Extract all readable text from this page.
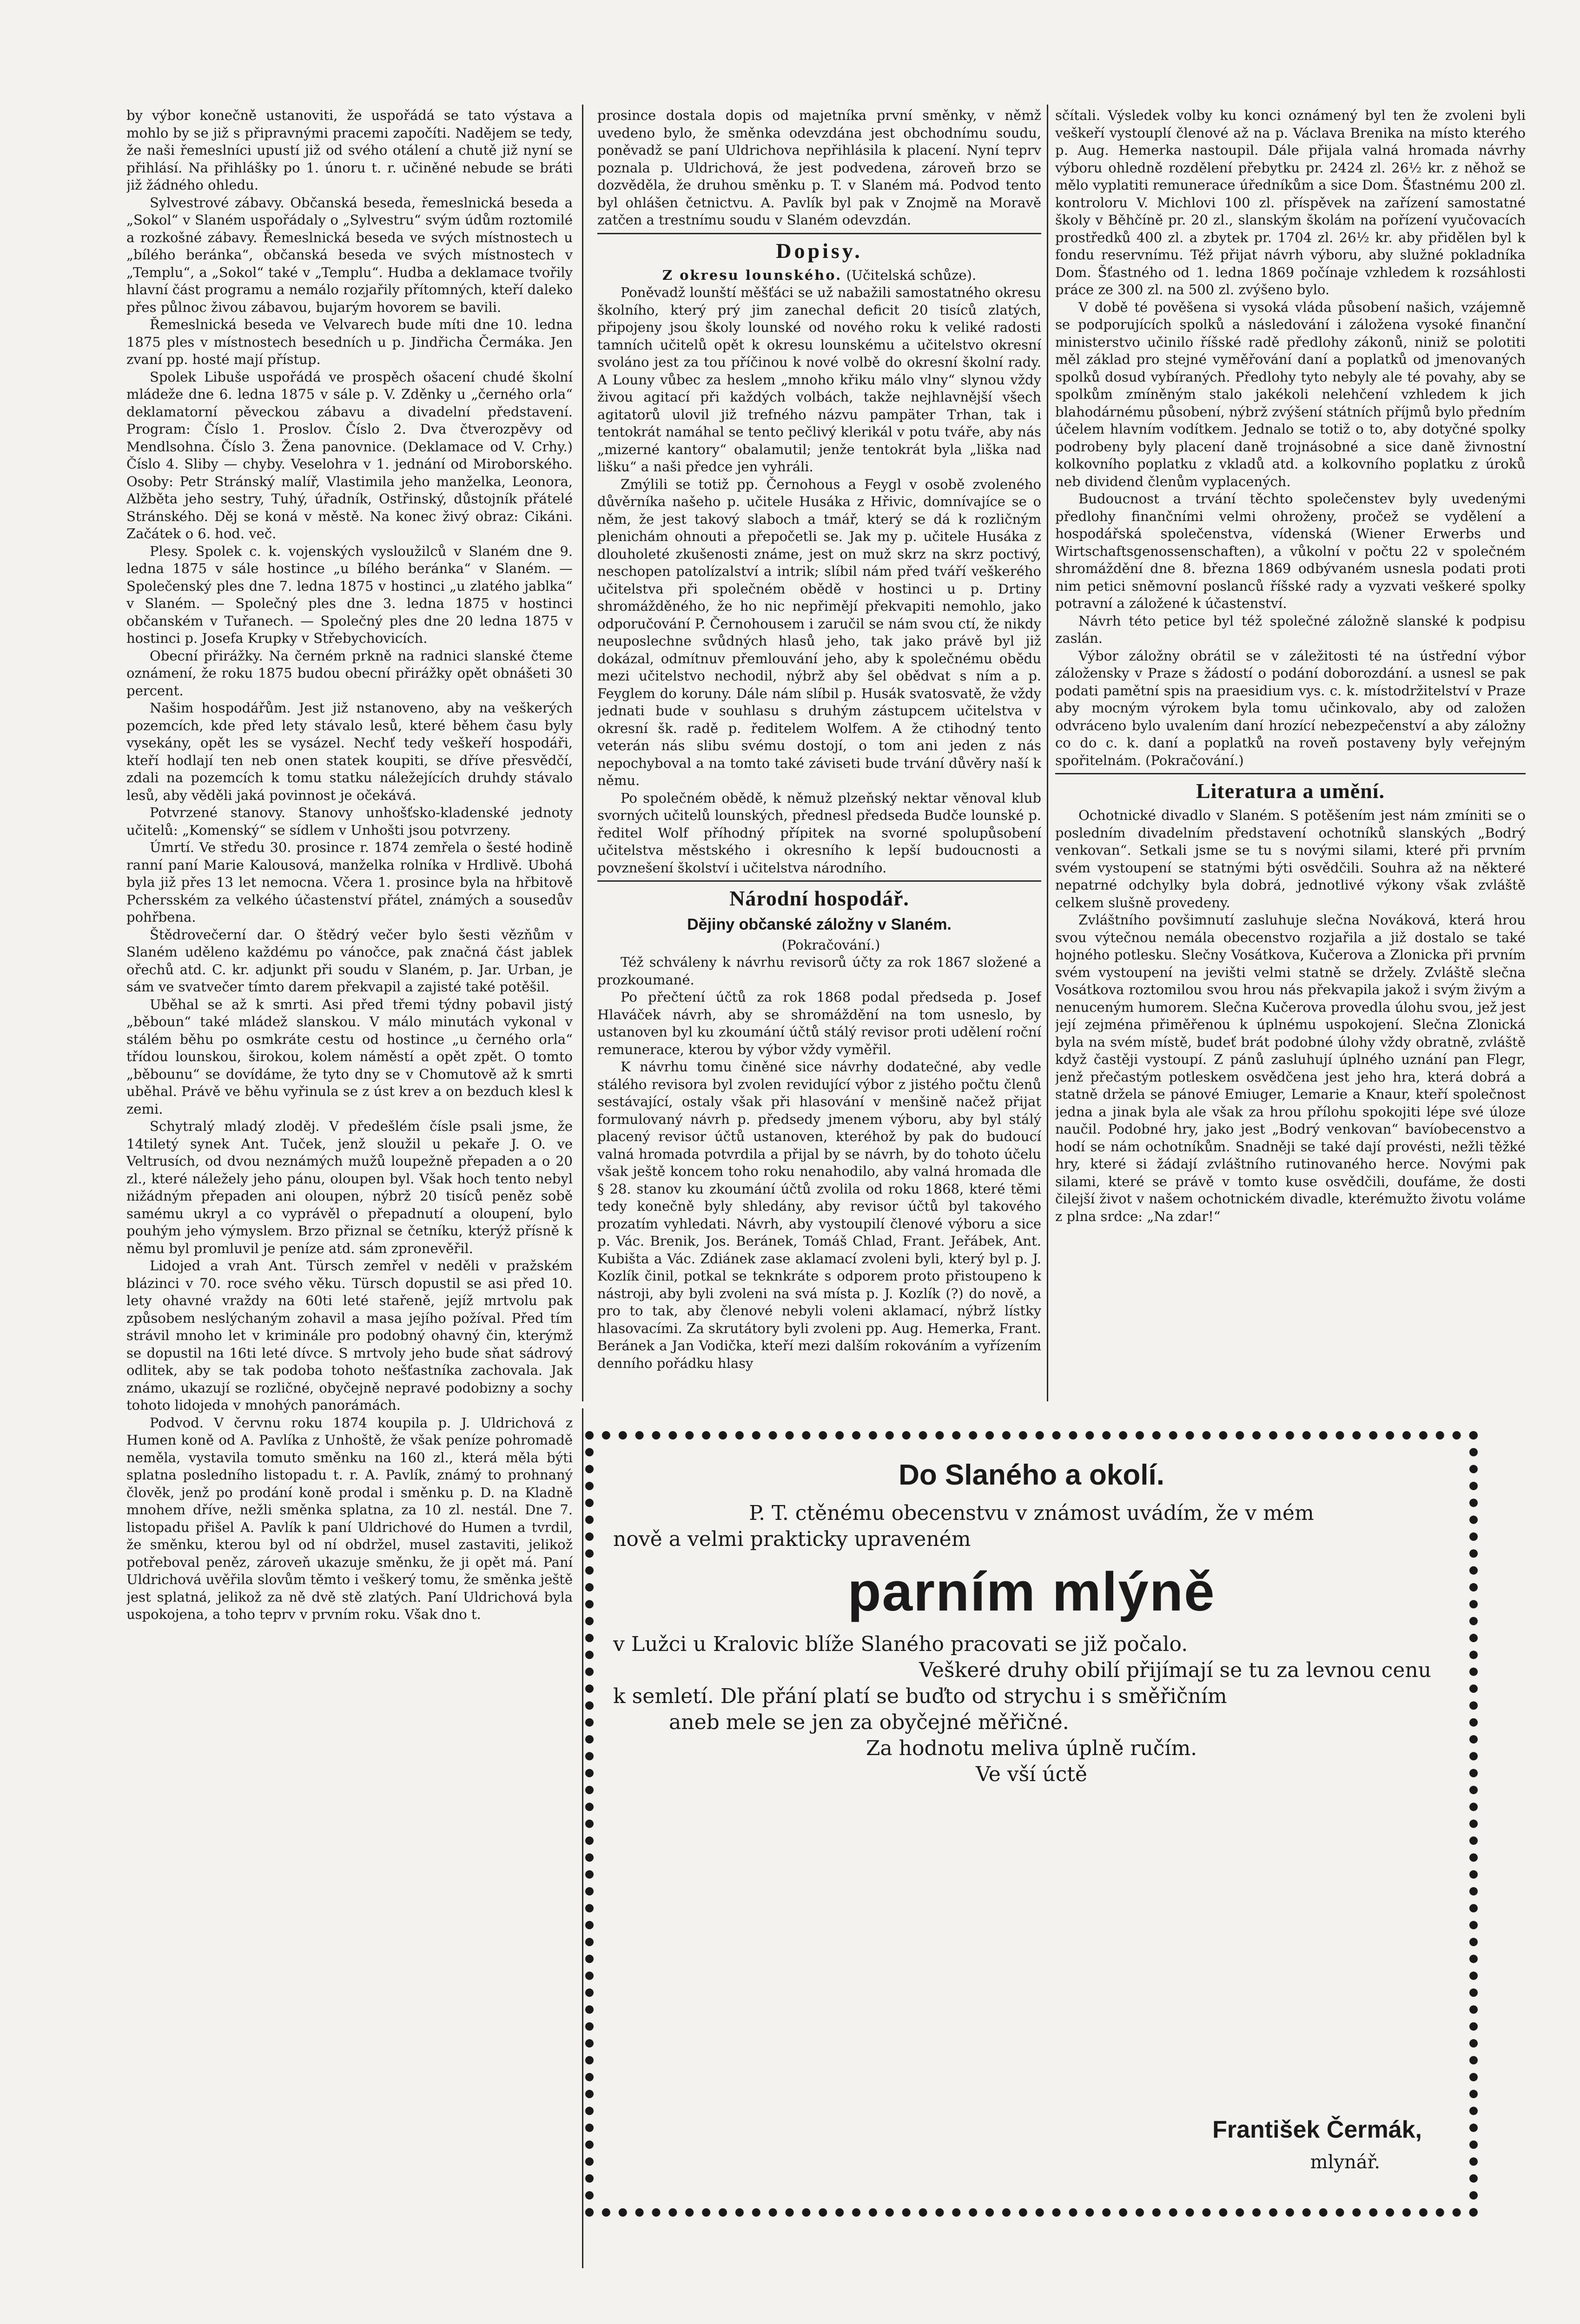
by výbor konečně ustanoviti, že uspořádá se tato výstava a mohlo by se již s připravnými pracemi započíti. Nadějem se tedy, že naši řemeslníci upustí již od svého otálení a chutě již nyní se přihlásí. Na přihlášky po 1. únoru t. r. učiněné nebude se bráti již žádného ohledu.

Sylvestrové zábavy. Občanská beseda, řemeslnická beseda a „Sokol“ v Slaném uspořádaly o „Sylvestru“ svým údům roztomilé a rozkošné zábavy. Řemeslnická beseda ve svých místnostech u „bílého beránka“, občanská beseda ve svých místnostech v „Templu“, a „Sokol“ také v „Templu“. Hudba a deklamace tvořily hlavní část programu a nemálo rozjařily přítomných, kteří daleko přes půlnoc živou zábavou, bujarým hovorem se bavili.

Řemeslnická beseda ve Velvarech bude míti dne 10. ledna 1875 ples v místnostech besedních u p. Jindřicha Čermáka. Jen zvaní pp. hosté mají přístup.

Spolek Libuše uspořádá ve prospěch ošacení chudé školní mládeže dne 6. ledna 1875 v sále p. V. Zděnky u „černého orla“ deklamatorní pěveckou zábavu a divadelní představení. Program: Číslo 1. Proslov. Číslo 2. Dva čtverozpěvy od Mendlsohna. Číslo 3. Žena panovnice. (Deklamace od V. Crhy.) Číslo 4. Sliby — chyby. Veselohra v 1. jednání od Miroborského. Osoby: Petr Stránský malíř, Vlastimila jeho manželka, Leonora, Alžběta jeho sestry, Tuhý, úřadník, Ostřinský, důstojník přátelé Stránského. Děj se koná v městě. Na konec živý obraz: Cikáni. Začátek o 6. hod. več.

Plesy. Spolek c. k. vojenských vysloužilců v Slaném dne 9. ledna 1875 v sále hostince „u bílého beránka“ v Slaném. — Společenský ples dne 7. ledna 1875 v hostinci „u zlatého jablka“ v Slaném. — Společný ples dne 3. ledna 1875 v hostinci občanském v Tuřanech. — Společný ples dne 20 ledna 1875 v hostinci p. Josefa Krupky v Střebychovicích.

Obecní přirážky. Na černém prkně na radnici slanské čteme oznámení, že roku 1875 budou obecní přirážky opět obnášeti 30 percent.

Našim hospodářům. Jest již nstanoveno, aby na veškerých pozemcích, kde před lety stávalo lesů, které během času byly vysekány, opět les se vysázel. Nechť tedy veškeří hospodáři, kteří hodlají ten neb onen statek koupiti, se dříve přesvědčí, zdali na pozemcích k tomu statku náležejících druhdy stávalo lesů, aby věděli jaká povinnost je očekává.

Potvrzené stanovy. Stanovy unhošťsko-kladenské jednoty učitelů: „Komenský“ se sídlem v Unhošti jsou potvrzeny.

Úmrtí. Ve středu 30. prosince r. 1874 zemřela o šesté hodině ranní paní Marie Kalousová, manželka rolníka v Hrdlivě. Ubohá byla již přes 13 let nemocna. Včera 1. prosince byla na hřbitově Pchersském za velkého účastenství přátel, známých a sousedův pohřbena.

Štědrovečerní dar. O štědrý večer bylo šesti vězňům v Slaném uděleno každému po vánočce, pak značná část jablek ořechů atd. C. kr. adjunkt při soudu v Slaném, p. Jar. Urban, je sám ve svatvečer tímto darem překvapil a zajisté také potěšil.

Uběhal se až k smrti. Asi před třemi týdny pobavil jistý „běboun“ také mládež slanskou. V málo minutách vykonal v stálém běhu po osmkráte cestu od hostince „u černého orla“ třídou lounskou, širokou, kolem náměstí a opět zpět. O tomto „běbounu“ se dovídáme, že tyto dny se v Chomutově až k smrti uběhal. Právě ve běhu vyřinula se z úst krev a on bezduch klesl k zemi.

Schytralý mladý zloděj. V předešlém čísle psali jsme, že 14tiletý synek Ant. Tuček, jenž sloužil u pekaře J. O. ve Veltrusích, od dvou neznámých mužů loupežně přepaden a o 20 zl., které náležely jeho pánu, oloupen byl. Však hoch tento nebyl nižádným přepaden ani oloupen, nýbrž 20 tisíců peněz sobě samému ukryl a co vyprávěl o přepadnutí a oloupení, bylo pouhým jeho výmyslem. Brzo přiznal se četníku, kterýž přísně k němu byl promluvil je peníze atd. sám zpronevěřil.

Lidojed a vrah Ant. Türsch zemřel v neděli v pražském blázinci v 70. roce svého věku. Türsch dopustil se asi před 10. lety ohavné vraždy na 60ti leté stařeně, jejíž mrtvolu pak způsobem neslýchaným zohavil a masa jejího požíval. Před tím strávil mnoho let v kriminále pro podobný ohavný čin, kterýmž se dopustil na 16ti leté dívce. S mrtvoly jeho bude sňat sádrový odlitek, aby se tak podoba tohoto nešťastníka zachovala. Jak známo, ukazují se rozličné, obyčejně nepravé podobizny a sochy tohoto lidojeda v mnohých panorámách.

Podvod. V červnu roku 1874 koupila p. J. Uldrichová z Humen koně od A. Pavlíka z Unhoště, že však peníze pohromadě neměla, vystavila tomuto směnku na 160 zl., která měla býti splatna posledního listopadu t. r. A. Pavlík, známý to prohnaný člověk, jenž po prodání koně prodal i směnku p. D. na Kladně mnohem dříve, nežli směnka splatna, za 10 zl. nestál. Dne 7. listopadu přišel A. Pavlík k paní Uldrichové do Humen a tvrdil, že směnku, kterou byl od ní obdržel, musel zastaviti, jelikož potřeboval peněz, zároveň ukazuje směnku, že ji opět má. Paní Uldrichová uvěřila slovům těmto i veškerý tomu, že směnka ještě jest splatná, jelikož za ně dvě stě zlatých. Paní Uldrichová byla uspokojena, a toho teprv v prvním roku. Však dno t.

prosince dostala dopis od majetníka první směnky, v němž uvedeno bylo, že směnka odevzdána jest obchodnímu soudu, poněvadž se paní Uldrichova nepřihlásila k placení. Nyní teprv poznala p. Uldrichová, že jest podvedena, zároveň brzo se dozvěděla, že druhou směnku p. T. v Slaném má. Podvod tento byl ohlášen četnictvu. A. Pavlík byl pak v Znojmě na Moravě zatčen a trestnímu soudu v Slaném odevzdán.

Dopisy.

Z okresu lounského. (Učitelská schůze).

Poněvadž lounští měšťáci se už nabažili samostatného okresu školního, který prý jim zanechal deficit 20 tisíců zlatých, připojeny jsou školy lounské od nového roku k veliké radosti tamních učitelů opět k okresu lounskému a učitelstvo okresní svoláno jest za tou příčinou k nové volbě do okresní školní rady. A Louny vůbec za heslem „mnoho křiku málo vlny“ slynou vždy živou agitací při každých volbách, takže nejhlavnější všech agitatorů ulovil již trefného názvu pampäter Trhan, tak i tentokrát namáhal se tento pečlivý klerikál v potu tváře, aby nás „mizerné kantory“ obalamutil; jenže tentokrát byla „liška nad lišku“ a naši předce jen vyhráli.

Zmýlili se totiž pp. Černohous a Feygl v osobě zvoleného důvěrníka našeho p. učitele Husáka z Hřivic, domnívajíce se o něm, že jest takový slaboch a tmář, který se dá k rozličným plenichám ohnouti a přepočetli se. Jak my p. učitele Husáka z dlouholeté zkušenosti známe, jest on muž skrz na skrz poctivý, neschopen patolízalství a intrik; slíbil nám před tváří veškerého učitelstva při společném obědě v hostinci u p. Drtiny shromážděného, že ho nic nepřimějí překvapiti nemohlo, jako odporučování P. Černohousem i zaručil se nám svou ctí, že nikdy neuposlechne svůdných hlasů jeho, tak jako právě byl již dokázal, odmítnuv přemlouvání jeho, aby k společnému obědu mezi učitelstvo nechodil, nýbrž aby šel obědvat s ním a p. Feyglem do koruny. Dále nám slíbil p. Husák svatosvatě, že vždy jednati bude v souhlasu s druhým zástupcem učitelstva v okresní šk. radě p. ředitelem Wolfem. A že ctihodný tento veterán nás slibu svému dostojí, o tom ani jeden z nás nepochyboval a na tomto také záviseti bude trvání důvěry naší k němu.

Po společném obědě, k němuž plzeňský nektar věnoval klub svorných učitelů lounských, přednesl předseda Budče lounské p. ředitel Wolf příhodný přípitek na svorné spolupůsobení učitelstva městského i okresního k lepší budoucnosti a povznešení školství i učitelstva národního.

Národní hospodář.
Dějiny občanské záložny v Slaném.

(Pokračování.)

Též schváleny k návrhu revisorů účty za rok 1867 složené a prozkoumané.

Po přečtení účtů za rok 1868 podal předseda p. Josef Hlaváček návrh, aby se shromáždění na tom usneslo, by ustanoven byl ku zkoumání účtů stálý revisor proti udělení roční remunerace, kterou by výbor vždy vyměřil.

K návrhu tomu činěné sice návrhy dodatečné, aby vedle stálého revisora byl zvolen revidující výbor z jistého počtu členů sestávající, ostaly však při hlasování v menšině načež přijat formulovaný návrh p. předsedy jmenem výboru, aby byl stálý placený revisor účtů ustanoven, kteréhož by pak do budoucí valná hromada potvrdila a přijal by se návrh, by do tohoto účelu však ještě koncem toho roku nenahodilo, aby valná hromada dle § 28. stanov ku zkoumání účtů zvolila od roku 1868, které těmi tedy konečně byly shledány, aby revisor účtů byl takového prozatím vyhledati. Návrh, aby vystoupilí členové výboru a sice p. Vác. Brenik, Jos. Beránek, Tomáš Chlad, Frant. Jeřábek, Ant. Kubišta a Vác. Zdiánek zase aklamací zvoleni byli, který byl p. J. Kozlík činil, potkal se teknkráte s odporem proto přistoupeno k nástroji, aby byli zvoleni na svá místa p. J. Kozlík (?) do nově, a pro to tak, aby členové nebyli voleni aklamací, nýbrž lístky hlasovacími. Za skrutátory byli zvoleni pp. Aug. Hemerka, Frant. Beránek a Jan Vodička, kteří mezi dalším rokováním a vyřízením denního pořádku hlasy

sčítali. Výsledek volby ku konci oznámený byl ten že zvoleni byli veškeří vystouplí členové až na p. Václava Brenika na místo kterého p. Aug. Hemerka nastoupil. Dále přijala valná hromada návrhy výboru ohledně rozdělení přebytku pr. 2424 zl. 26½ kr. z něhož se mělo vyplatiti remunerace úředníkům a sice Dom. Šťastnému 200 zl. kontroloru V. Michlovi 100 zl. příspěvek na zařízení samostatné školy v Běhčíně pr. 20 zl., slanským školám na pořízení vyučovacích prostředků 400 zl. a zbytek pr. 1704 zl. 26½ kr. aby přidělen byl k fondu reservnímu. Též přijat návrh výboru, aby služné pokladníka Dom. Šťastného od 1. ledna 1869 počínaje vzhledem k rozsáhlosti práce ze 300 zl. na 500 zl. zvýšeno bylo.

V době té pověšena si vysoká vláda působení našich, vzájemně se podporujících spolků a následování i záložena vysoké finanční ministerstvo učinilo říšské radě předlohy zákonů, niniž se polotiti měl základ pro stejné vyměřování daní a poplatků od jmenovaných spolků dosud vybíraných. Předlohy tyto nebyly ale té povahy, aby se spolkům zmíněným stalo jakékoli nelehčení vzhledem k jich blahodárnému působení, nýbrž zvýšení státních příjmů bylo předním účelem hlavním vodítkem. Jednalo se totiž o to, aby dotyčné spolky podrobeny byly placení daně trojnásobné a sice daně živnostní kolkovního poplatku z vkladů atd. a kolkovního poplatku z úroků neb dividend členům vyplacených.

Budoucnost a trvání těchto společenstev byly uvedenými předlohy finančními velmi ohroženy, pročež se vydělení a hospodářská společenstva, vídenská (Wiener Erwerbs und Wirtschaftsgenossenschaften), a vůkolní v počtu 22 v společném shromáždění dne 8. března 1869 odbývaném usnesla podati proti nim petici sněmovní poslanců říšské rady a vyzvati veškeré spolky potravní a záložené k účastenství.

Návrh této petice byl též společné záložně slanské k podpisu zaslán.

Výbor záložny obrátil se v záležitosti té na ústřední výbor záložensky v Praze s žádostí o podání doborozdání. a usnesl se pak podati pamětní spis na praesidium vys. c. k. místodržitelství v Praze aby mocným výrokem byla tomu učinkovalo, aby od založen odvráceno bylo uvalením daní hrozící nebezpečenství a aby záložny co do c. k. daní a poplatků na roveň postaveny byly veřejným spořitelnám. (Pokračování.)

Literatura a umění.

Ochotnické divadlo v Slaném. S potěšením jest nám zmíniti se o posledním divadelním představení ochotníků slanských „Bodrý venkovan“. Setkali jsme se tu s novými silami, které při prvním svém vystoupení se statnými býti osvědčili. Souhra až na některé nepatrné odchylky byla dobrá, jednotlivé výkony však zvláště celkem slušně provedeny.

Zvláštního povšimnutí zasluhuje slečna Nováková, která hrou svou výtečnou nemála obecenstvo rozjařila a již dostalo se také hojného potlesku. Slečny Vosátkova, Kučerova a Zlonicka při prvním svém vystoupení na jevišti velmi statně se držely. Zvláště slečna Vosátkova roztomilou svou hrou nás překvapila jakož i svým živým a nenuceným humorem. Slečna Kučerova provedla úlohu svou, jež jest její zejména přiměřenou k úplnému uspokojení. Slečna Zlonická byla na svém místě, budeť brát podobné úlohy vždy obratně, zvláště když častěji vystoupí. Z pánů zasluhují úplného uznání pan Flegr, jenž přečastým potleskem osvědčena jest jeho hra, která dobrá a statně držela se pánové Emiuger, Lemarie a Knaur, kteří společnost jedna a jinak byla ale však za hrou přílohu spokojiti lépe své úloze naučil. Podobné hry, jako jest „Bodrý venkovan“ bavíobecenstvo a hodí se nám ochotníkům. Snadněji se také dají provésti, nežli těžké hry, které si žádají zvláštního rutinovaného herce. Novými pak silami, které se právě v tomto kuse osvědčili, doufáme, že dosti čilejší život v našem ochotnickém divadle, kterémužto životu voláme z plna srdce: „Na zdar!“

Do Slaného a okolí.

P. T. ctěnému obecenstvu v známost uvádím, že v mém

nově a velmi prakticky upraveném

parním mlýně

v Lužci u Kralovic blíže Slaného pracovati se již počalo.

Veškeré druhy obilí přijímají se tu za levnou cenu

k semletí. Dle přání platí se buďto od strychu i s směřičním

aneb mele se jen za obyčejné měřičné.

Za hodnotu meliva úplně ručím.

Ve vší úctě

František Čermák,
mlynář.
